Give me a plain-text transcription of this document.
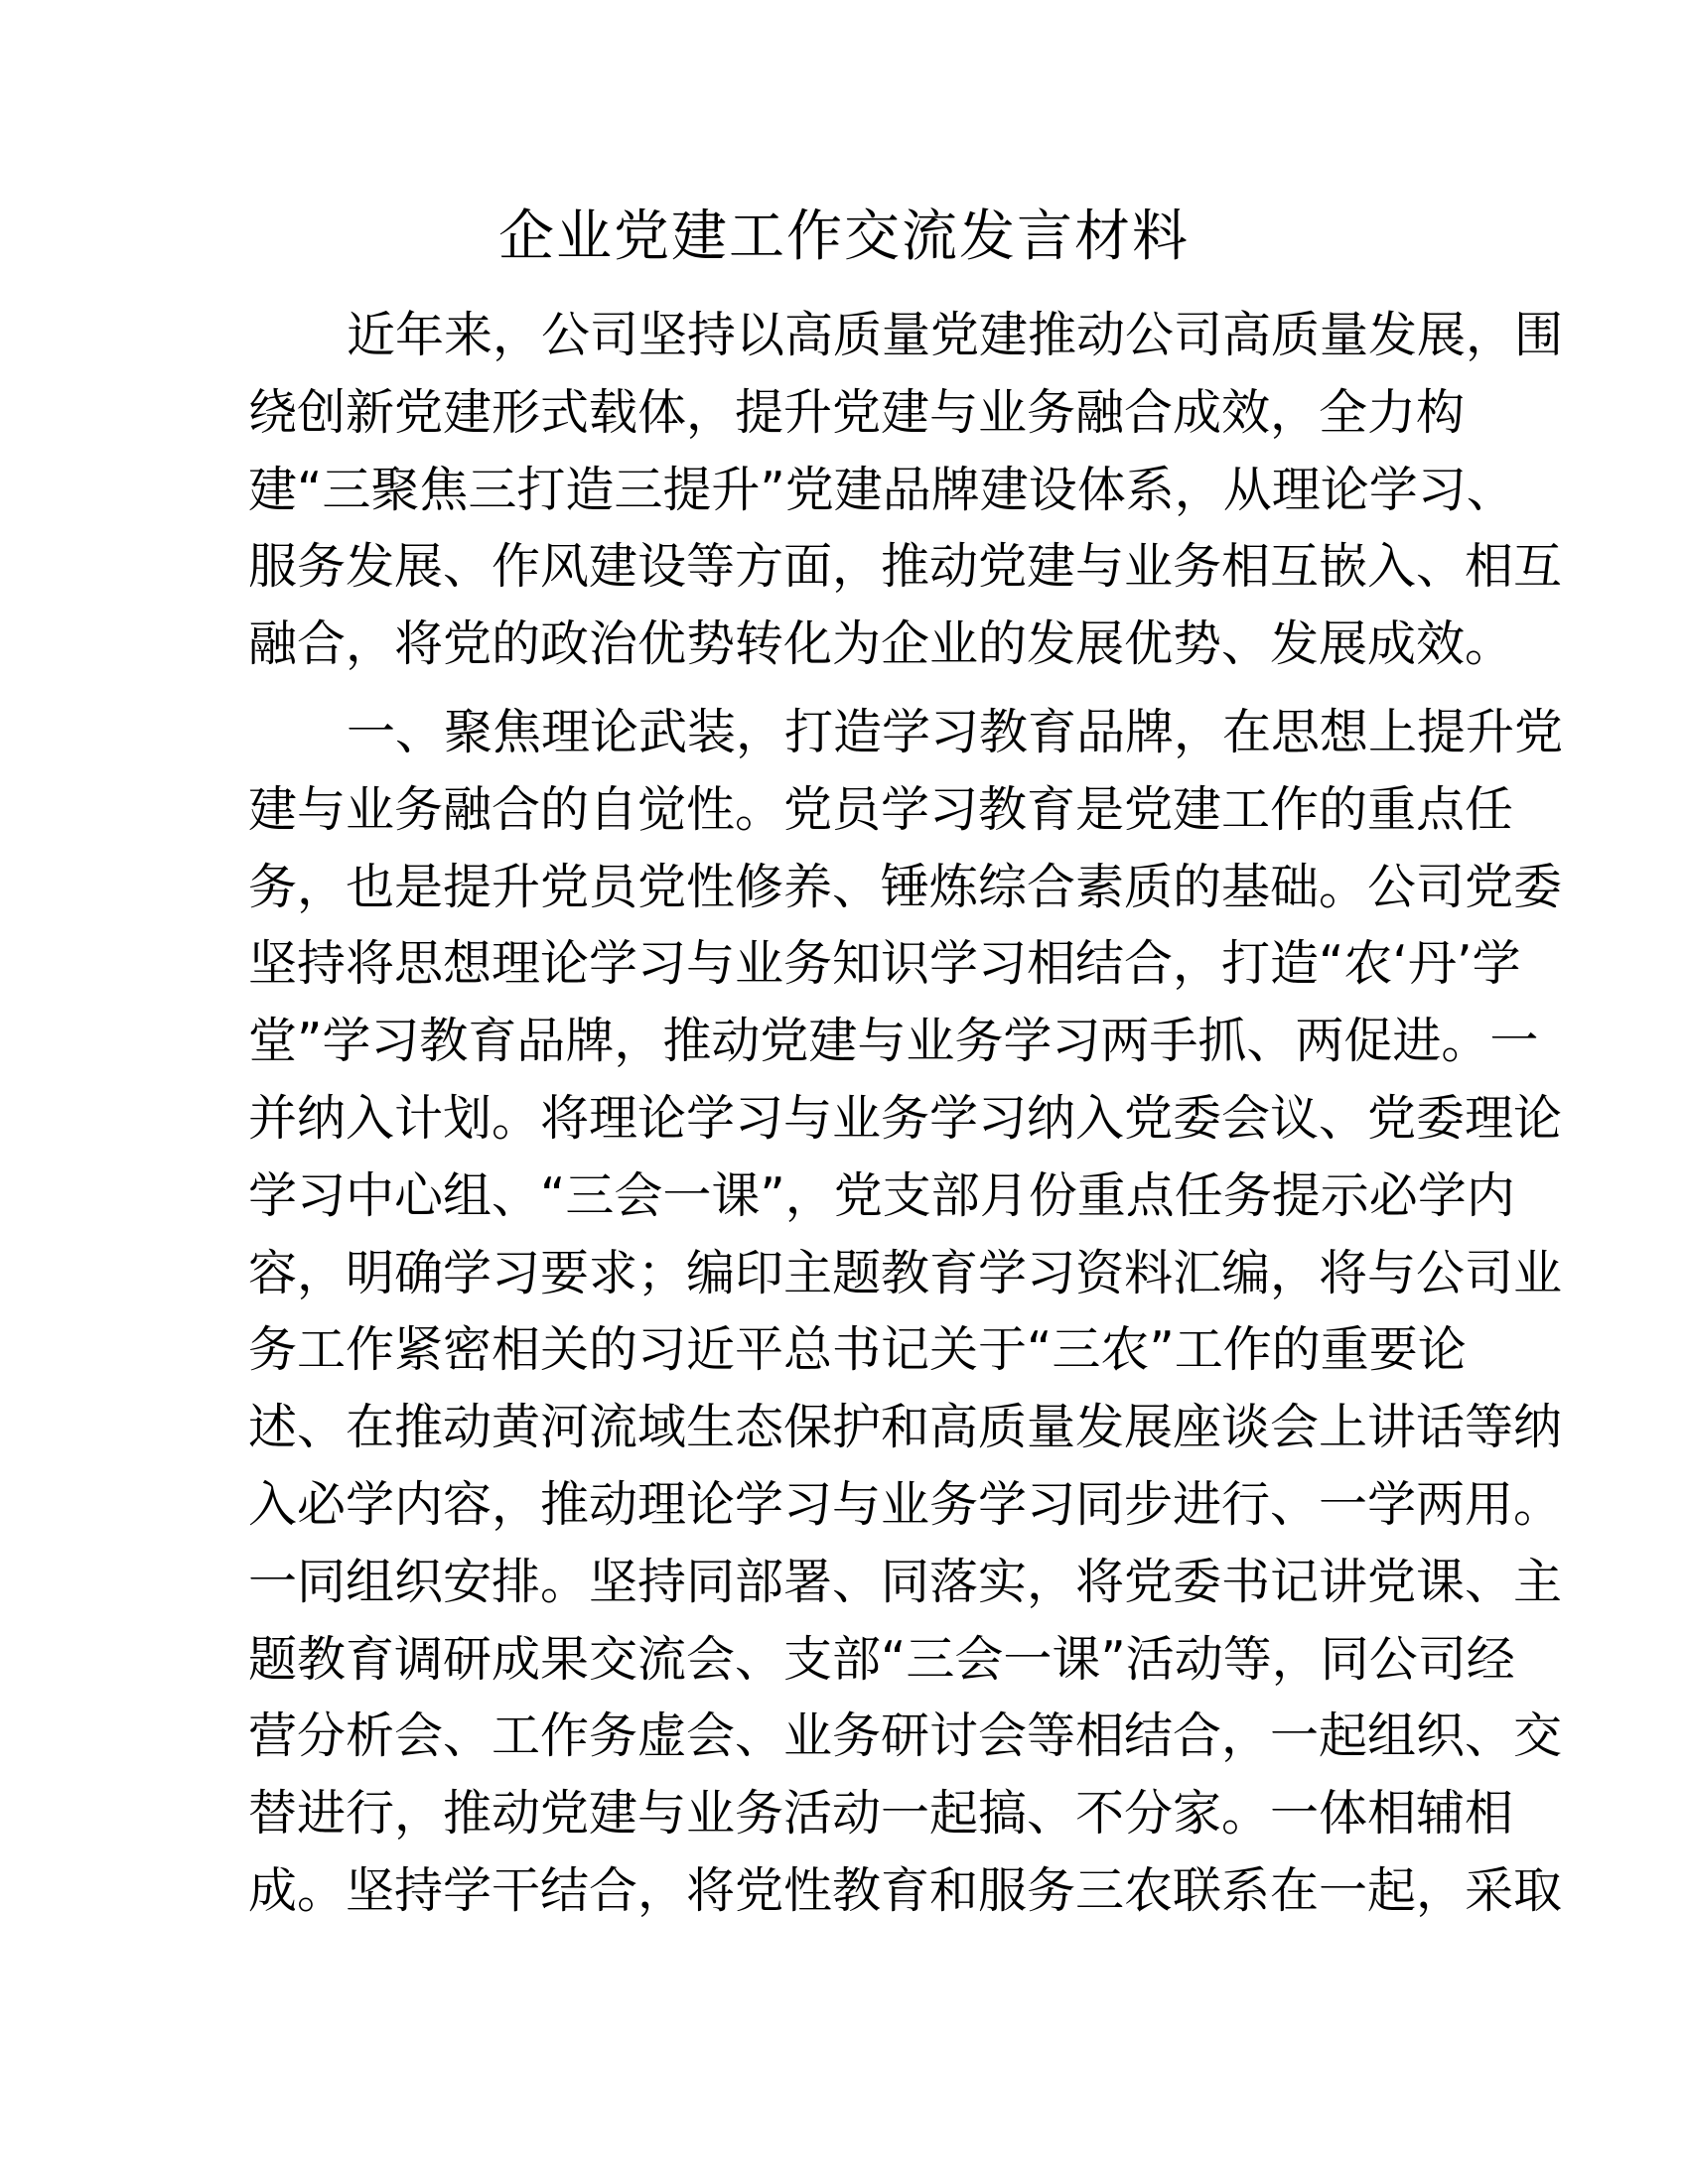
企业党建工作交流发言材料
近年来，公司坚持以高质量党建推动公司高质量发展，围
绕创新党建形式载体，提升党建与业务融合成效，全力构
建“三聚焦三打造三提升”党建品牌建设体系，从理论学习、
服务发展、作风建设等方面，推动党建与业务相互嵌入、相互
融合，将党的政治优势转化为企业的发展优势、发展成效。
一、聚焦理论武装，打造学习教育品牌，在思想上提升党
建与业务融合的自觉性。党员学习教育是党建工作的重点任
务，也是提升党员党性修养、锤炼综合素质的基础。公司党委
坚持将思想理论学习与业务知识学习相结合，打造“农‘丹’学
堂”学习教育品牌，推动党建与业务学习两手抓、两促进。一
并纳入计划。将理论学习与业务学习纳入党委会议、党委理论
学习中心组、“三会一课”，党支部月份重点任务提示必学内
容，明确学习要求；编印主题教育学习资料汇编，将与公司业
务工作紧密相关的习近平总书记关于“三农”工作的重要论
述、在推动黄河流域生态保护和高质量发展座谈会上讲话等纳
入必学内容，推动理论学习与业务学习同步进行、一学两用。
一同组织安排。坚持同部署、同落实，将党委书记讲党课、主
题教育调研成果交流会、支部“三会一课”活动等，同公司经
营分析会、工作务虚会、业务研讨会等相结合，一起组织、交
替进行，推动党建与业务活动一起搞、不分家。一体相辅相
成。坚持学干结合，将党性教育和服务三农联系在一起，采取
